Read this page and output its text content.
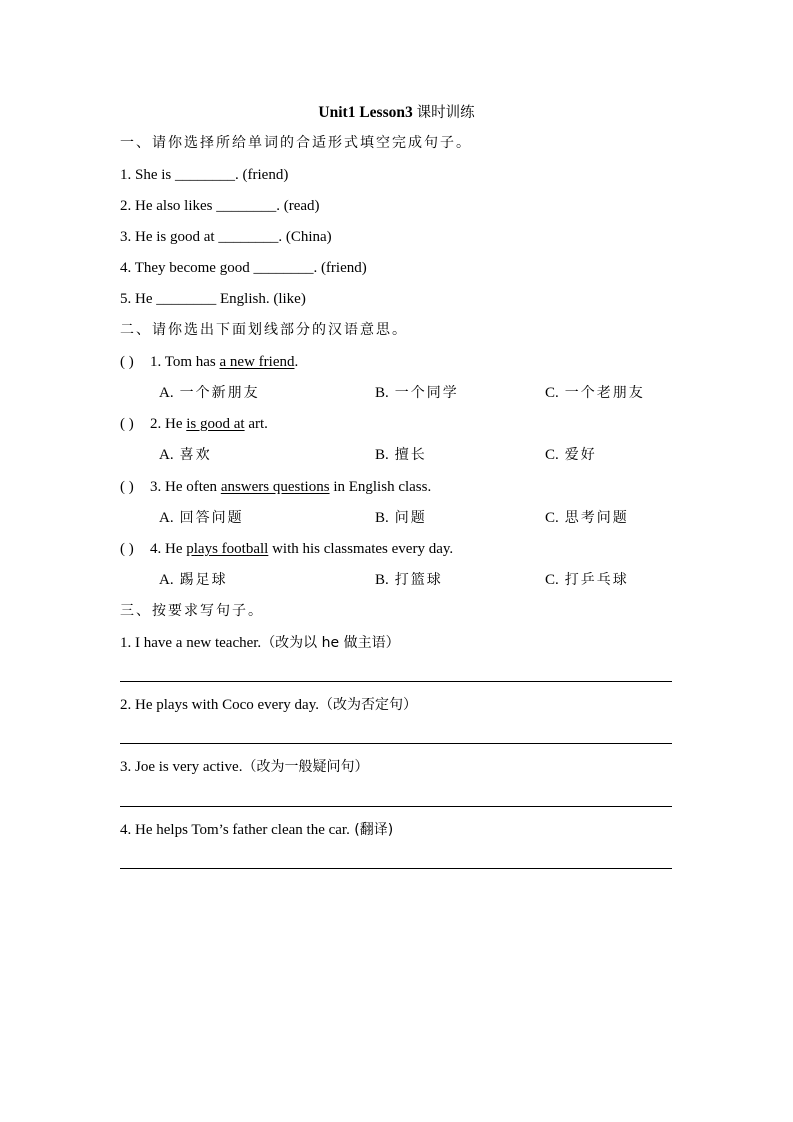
Unit1 Lesson3 课时训练
一、请你选择所给单词的合适形式填空完成句子。
1. She is ________. (friend)
2. He also likes ________. (read)
3. He is good at ________. (China)
4. They become good ________. (friend)
5. He ________ English. (like)
二、请你选出下面划线部分的汉语意思。
( ) 1. Tom has a new friend.
A. 一个新朋友	B. 一个同学	C. 一个老朋友
( ) 2. He is good at art.
A. 喜欢	B. 擅长	C. 爱好
( ) 3. He often answers questions in English class.
A. 回答问题	B. 问题	C. 思考问题
( ) 4. He plays football with his classmates every day.
A. 踢足球	B. 打篮球	C. 打乒乓球
三、按要求写句子。
1. I have a new teacher.（改为以 he 做主语）
2. He plays with Coco every day.（改为否定句）
3. Joe is very active.（改为一般疑问句）
4. He helps Tom’s father clean the car. (翻译)
